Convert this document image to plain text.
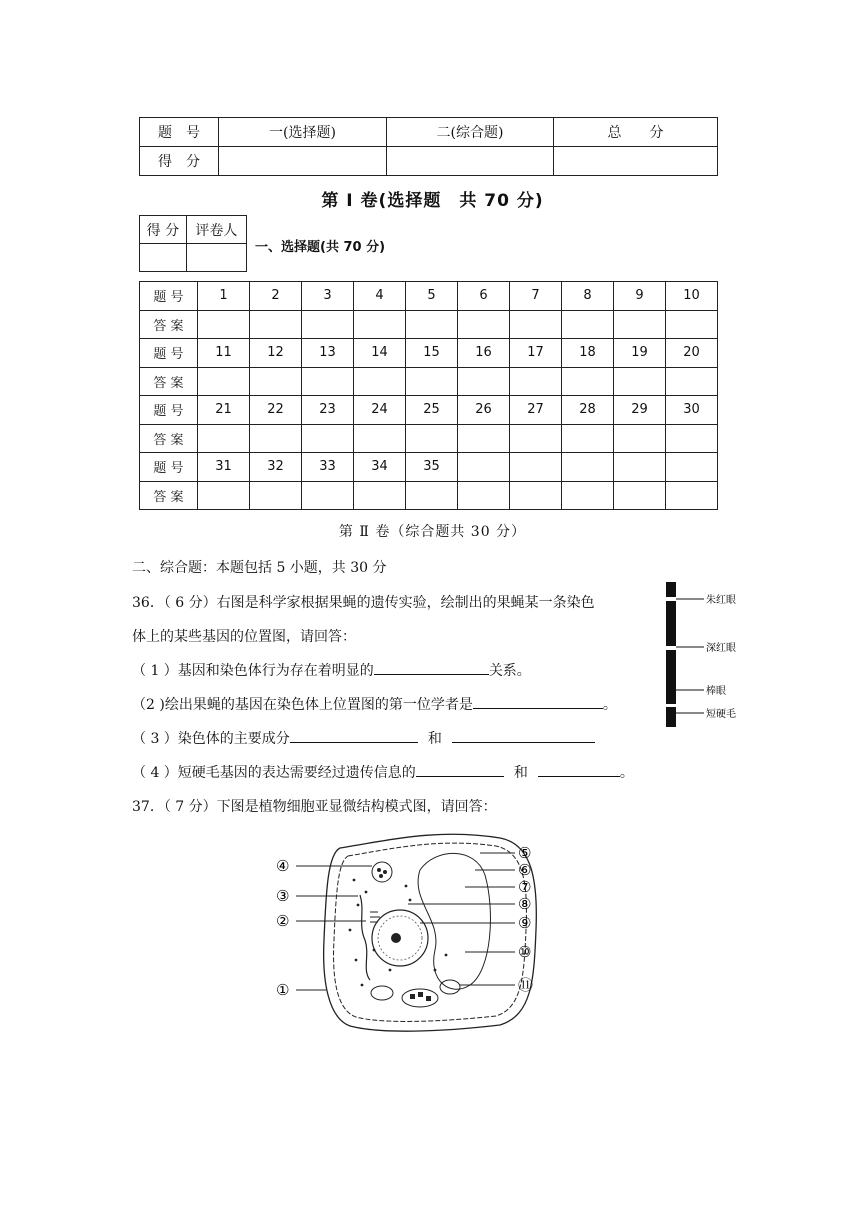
题　号	一(选择题)	二(综合题)	总　　分
得　分			
第 I 卷(选择题　共 70 分)
得 分	评卷人

一、选择题(共 70 分)
题 号	1	2	3	4	5	6	7	8	9	10
答 案										
题 号	11	12	13	14	15	16	17	18	19	20
答 案										
题 号	21	22	23	24	25	26	27	28	29	30
答 案										
题 号	31	32	33	34	35					
答 案										
第 Ⅱ 卷（综合题共 30 分）
二、综合题：本题包括 5 小题，共 30 分
36．（ 6 分）右图是科学家根据果蝇的遗传实验，绘制出的果蝇某一条染色
体上的某些基因的位置图，请回答：
（ 1 ）基因和染色体行为存在着明显的	关系。
（2 )绘出果蝇的基因在染色体上位置图的第一位学者是	。
（ 3 ）染色体的主要成分	和
（ 4 ）短硬毛基因的表达需要经过遗传信息的	和	。
朱红眼
深红眼
棒眼
短硬毛
37．（ 7 分）下图是植物细胞亚显微结构模式图，请回答：
④
③
②
①
⑤
⑥
⑦
⑧
⑨
⑩
⑪
